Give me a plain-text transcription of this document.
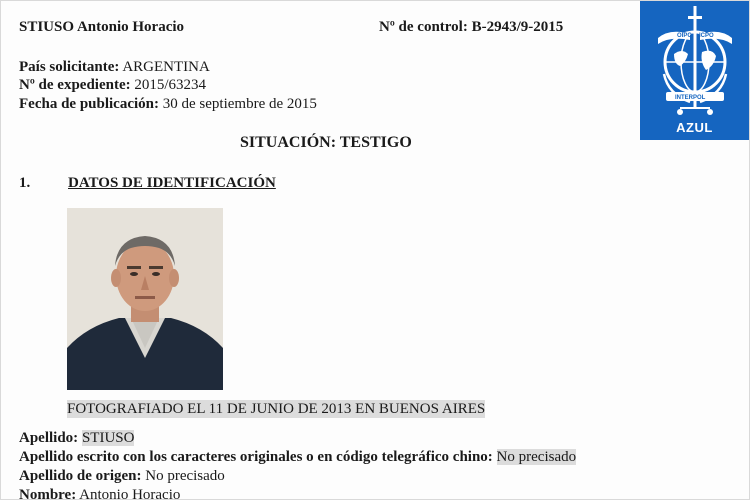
STIUSO Antonio Horacio	Nº de control: B-2943/9-2015
País solicitante: ARGENTINA
Nº de expediente: 2015/63234
Fecha de publicación: 30 de septiembre de 2015
SITUACIÓN: TESTIGO
1.	DATOS DE IDENTIFICACIÓN
FOTOGRAFIADO EL 11 DE JUNIO DE 2013 EN BUENOS AIRES
Apellido: STIUSO
Apellido escrito con los caracteres originales o en código telegráfico chino: No precisado
Apellido de origen: No precisado
Nombre: Antonio Horacio
OIPC ICPO
INTERPOL
AZUL
